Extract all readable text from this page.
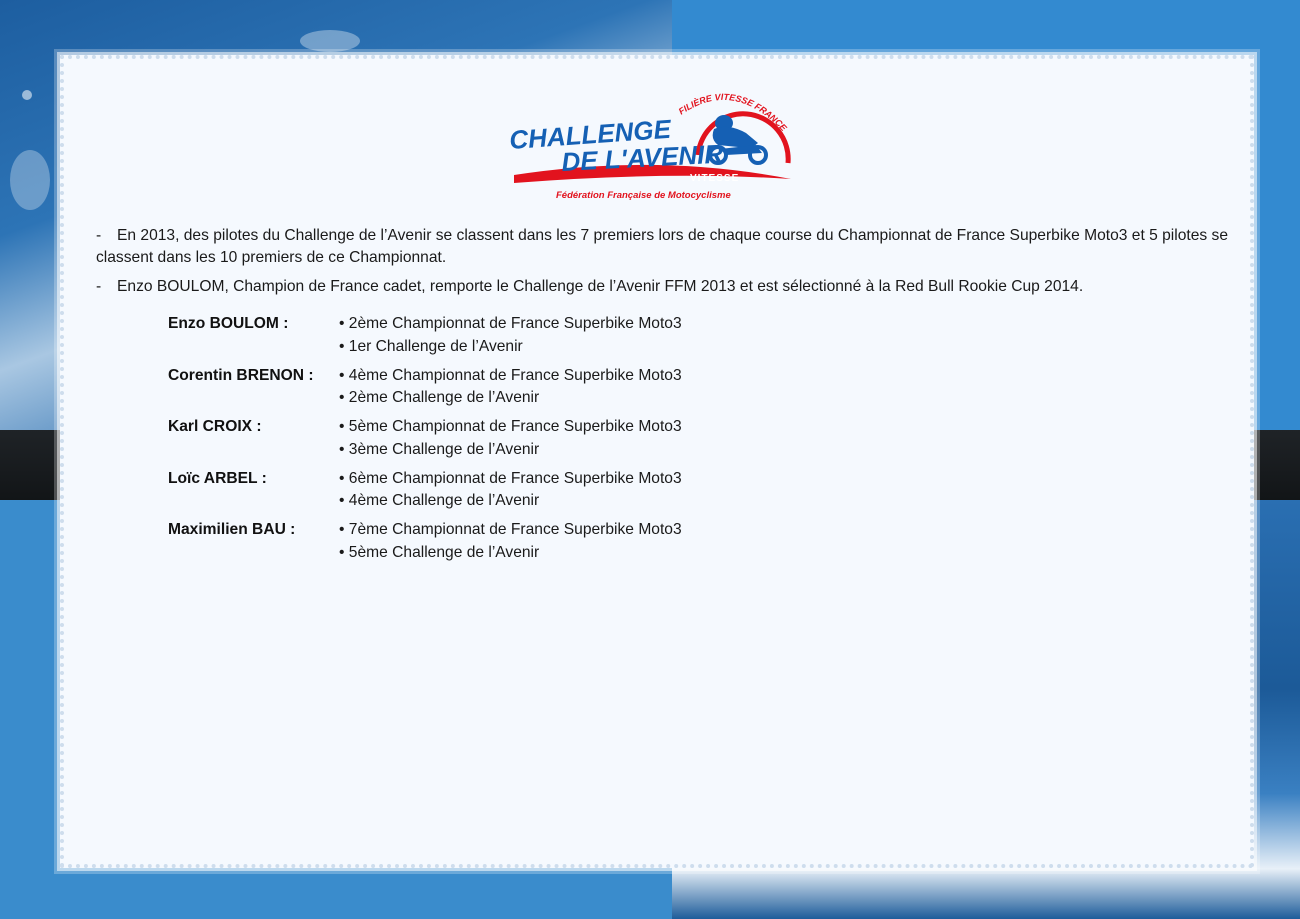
FILIÈRE VITESSE FRANCE
CHALLENGE
DE L'AVENIR
VITESSE
Fédération Française de Motocyclisme

- En 2013, des pilotes du Challenge de l’Avenir se classent dans les 7 premiers lors de chaque course du Championnat de France Superbike Moto3 et 5 pilotes se classent dans les 10 premiers de ce Championnat.

- Enzo BOULOM, Champion de France cadet, remporte le Challenge de l’Avenir FFM 2013 et est sélectionné à la Red Bull Rookie Cup 2014.

Enzo BOULOM :	• 2ème Championnat de France Superbike Moto3
• 1er Challenge de l’Avenir
Corentin BRENON :	• 4ème Championnat de France Superbike Moto3
• 2ème Challenge de l’Avenir
Karl CROIX :	• 5ème Championnat de France Superbike Moto3
• 3ème Challenge de l’Avenir
Loïc ARBEL :	• 6ème Championnat de France Superbike Moto3
• 4ème Challenge de l’Avenir
Maximilien BAU :	• 7ème Championnat de France Superbike Moto3
• 5ème Challenge de l’Avenir
